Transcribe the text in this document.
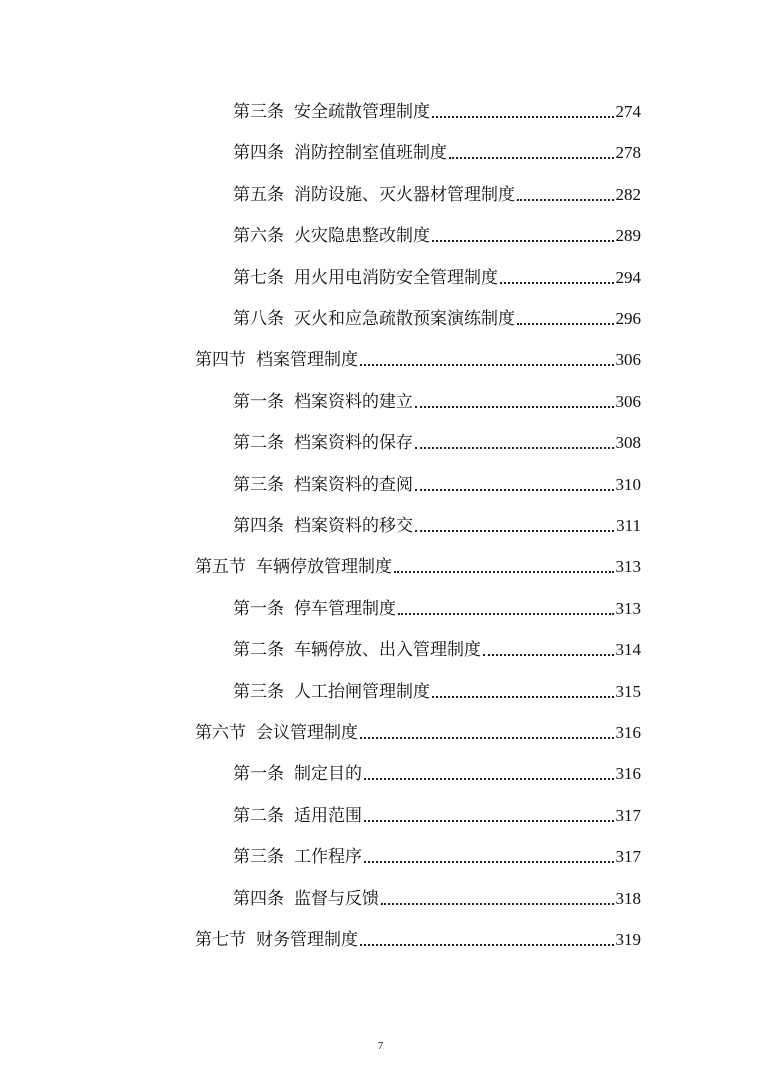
第三条 安全疏散管理制度	274
第四条 消防控制室值班制度	278
第五条 消防设施、灭火器材管理制度	282
第六条 火灾隐患整改制度	289
第七条 用火用电消防安全管理制度	294
第八条 灭火和应急疏散预案演练制度	296
第四节 档案管理制度	306
第一条 档案资料的建立	306
第二条 档案资料的保存	308
第三条 档案资料的查阅	310
第四条 档案资料的移交	311
第五节 车辆停放管理制度	313
第一条 停车管理制度	313
第二条 车辆停放、出入管理制度	314
第三条 人工抬闸管理制度	315
第六节 会议管理制度	316
第一条 制定目的	316
第二条 适用范围	317
第三条 工作程序	317
第四条 监督与反馈	318
第七节 财务管理制度	319
7
